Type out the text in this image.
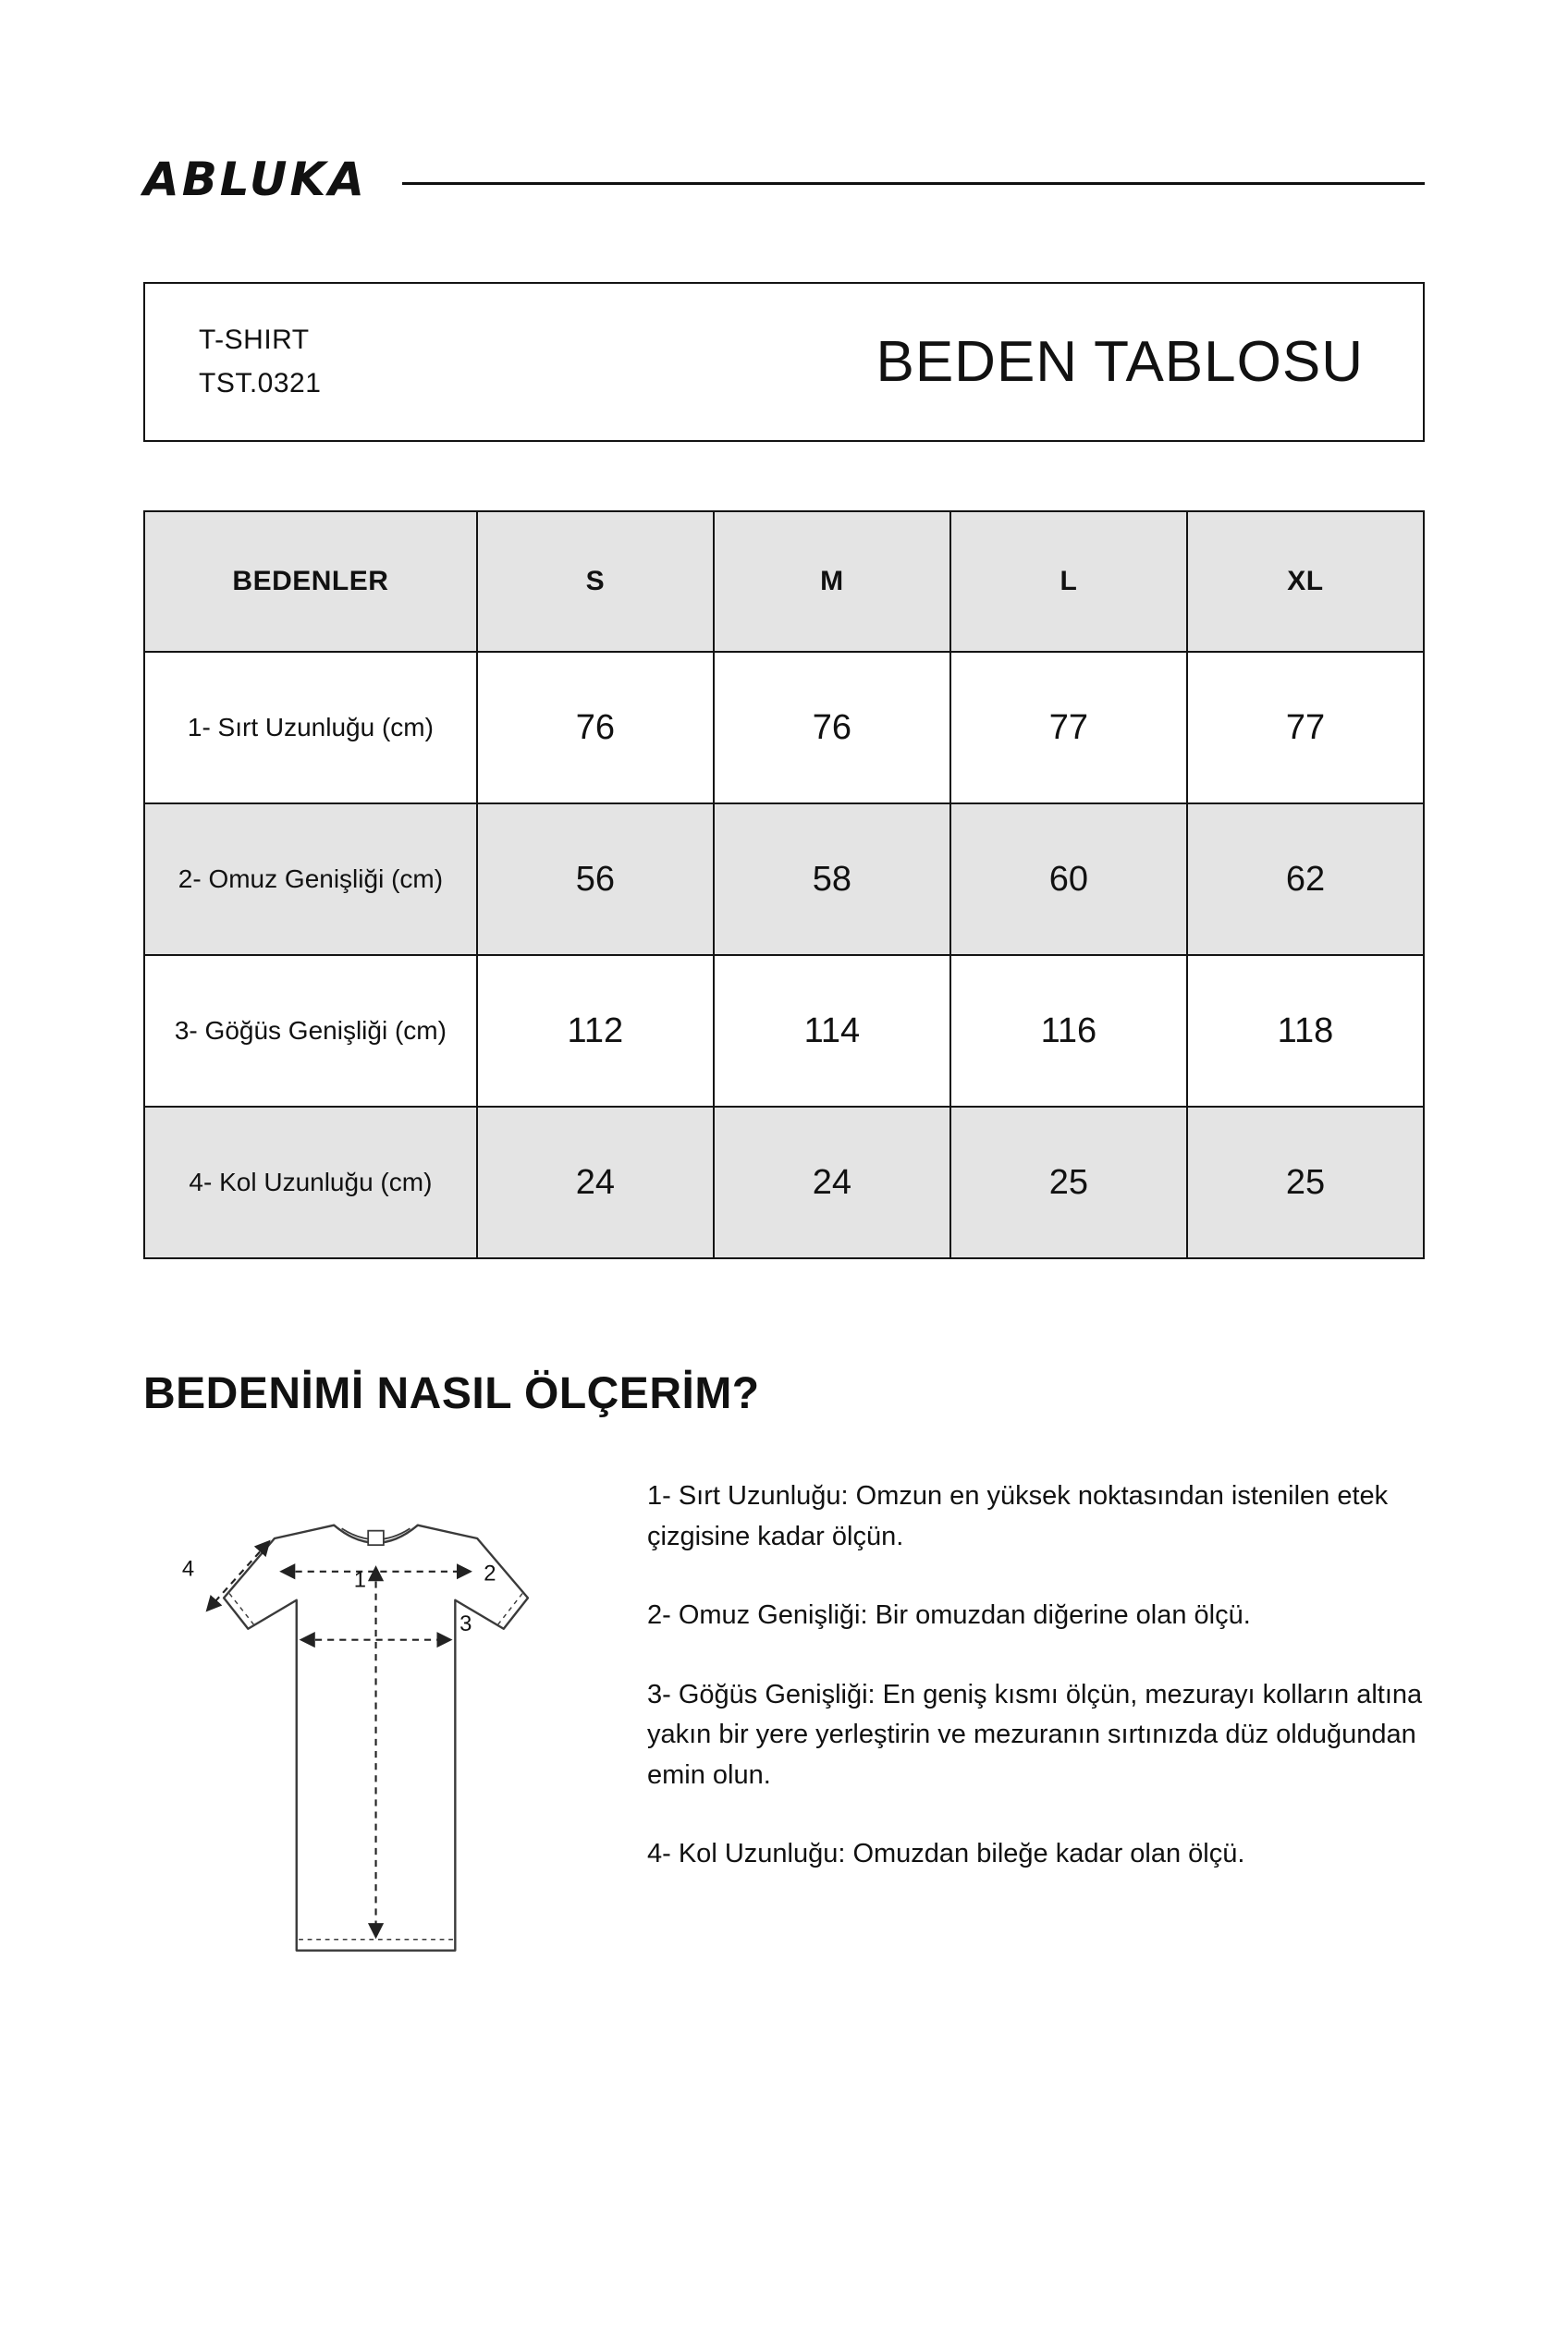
ABLUKA
T-SHIRT
TST.0321	BEDEN TABLOSU
BEDENLER	S	M	L	XL
1- Sırt Uzunluğu (cm)	76	76	77	77
2- Omuz Genişliği (cm)	56	58	60	62
3- Göğüs Genişliği (cm)	112	114	116	118
4- Kol Uzunluğu (cm)	24	24	25	25
BEDENİMİ NASIL ÖLÇERİM?
1	2
3
4

1- Sırt Uzunluğu: Omzun en yüksek noktasından istenilen etek çizgisine kadar ölçün.

2- Omuz Genişliği: Bir omuzdan diğerine olan ölçü.

3- Göğüs Genişliği: En geniş kısmı ölçün, mezurayı kolların altına yakın bir yere yerleştirin ve mezuranın sırtınızda düz olduğundan emin olun.

4- Kol Uzunluğu: Omuzdan bileğe kadar olan ölçü.
